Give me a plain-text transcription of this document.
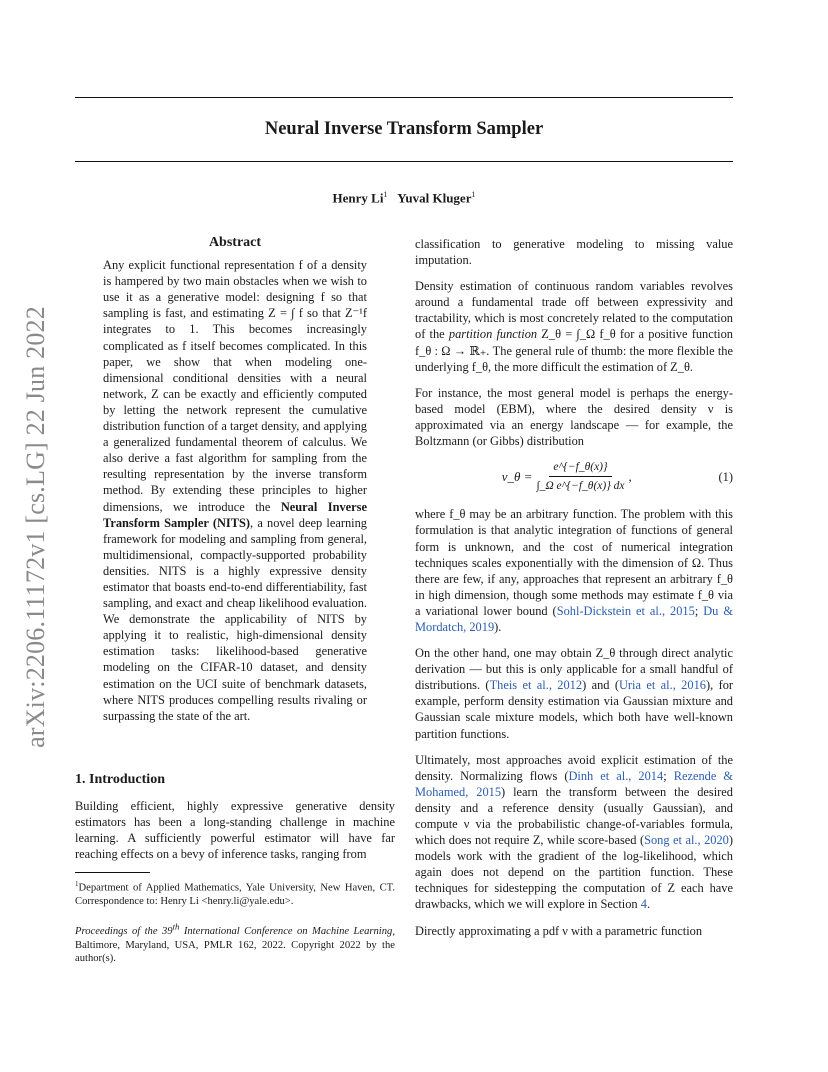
arXiv:2206.11172v1 [cs.LG] 22 Jun 2022
Neural Inverse Transform Sampler
Henry Li$^1$ Yuval Kluger$^1$
Abstract
Any explicit functional representation f of a density is hampered by two main obstacles when we wish to use it as a generative model: designing f so that sampling is fast, and estimating Z = ∫ f so that Z⁻¹f integrates to 1. This becomes increasingly complicated as f itself becomes complicated. In this paper, we show that when modeling one-dimensional conditional densities with a neural network, Z can be exactly and efficiently computed by letting the network represent the cumulative distribution function of a target density, and applying a generalized fundamental theorem of calculus. We also derive a fast algorithm for sampling from the resulting representation by the inverse transform method. By extending these principles to higher dimensions, we introduce the Neural Inverse Transform Sampler (NITS), a novel deep learning framework for modeling and sampling from general, multidimensional, compactly-supported probability densities. NITS is a highly expressive density estimator that boasts end-to-end differentiability, fast sampling, and exact and cheap likelihood evaluation. We demonstrate the applicability of NITS by applying it to realistic, high-dimensional density estimation tasks: likelihood-based generative modeling on the CIFAR-10 dataset, and density estimation on the UCI suite of benchmark datasets, where NITS produces compelling results rivaling or surpassing the state of the art.
1. Introduction

Building efficient, highly expressive generative density estimators has been a long-standing challenge in machine learning. A sufficiently powerful estimator will have far reaching effects on a bevy of inference tasks, ranging from

$^1$Department of Applied Mathematics, Yale University, New Haven, CT. Correspondence to: Henry Li <henry.li@yale.edu>.
Proceedings of the 39th International Conference on Machine Learning, Baltimore, Maryland, USA, PMLR 162, 2022. Copyright 2022 by the author(s).

classification to generative modeling to missing value imputation.

Density estimation of continuous random variables revolves around a fundamental trade off between expressivity and tractability, which is most concretely related to the computation of the partition function Z_θ = ∫_Ω f_θ for a positive function f_θ : Ω → ℝ₊. The general rule of thumb: the more flexible the underlying f_θ, the more difficult the estimation of Z_θ.

For instance, the most general model is perhaps the energy-based model (EBM), where the desired density ν is approximated via an energy landscape — for example, the Boltzmann (or Gibbs) distribution

ν_θ = $\frac{e\^{}\{-f\_\theta(x)\}}{\text{∫\_Ω e\textasciicircum{}\{−f\_θ(x)\} dx}}$ ,	(1)

where f_θ may be an arbitrary function. The problem with this formulation is that analytic integration of functions of general form is unknown, and the cost of numerical integration techniques scales exponentially with the dimension of Ω. Thus there are few, if any, approaches that represent an arbitrary f_θ in high dimension, though some methods may estimate f_θ via a variational lower bound (Sohl-Dickstein et al., 2015; Du & Mordatch, 2019).

On the other hand, one may obtain Z_θ through direct analytic derivation — but this is only applicable for a small handful of distributions. (Theis et al., 2012) and (Uria et al., 2016), for example, perform density estimation via Gaussian mixture and Gaussian scale mixture models, which both have well-known partition functions.

Ultimately, most approaches avoid explicit estimation of the density. Normalizing flows (Dinh et al., 2014; Rezende & Mohamed, 2015) learn the transform between the desired density and a reference density (usually Gaussian), and compute ν via the probabilistic change-of-variables formula, which does not require Z, while score-based (Song et al., 2020) models work with the gradient of the log-likelihood, which again does not depend on the partition function. These techniques for sidestepping the computation of Z each have drawbacks, which we will explore in Section 4.

Directly approximating a pdf ν with a parametric function
